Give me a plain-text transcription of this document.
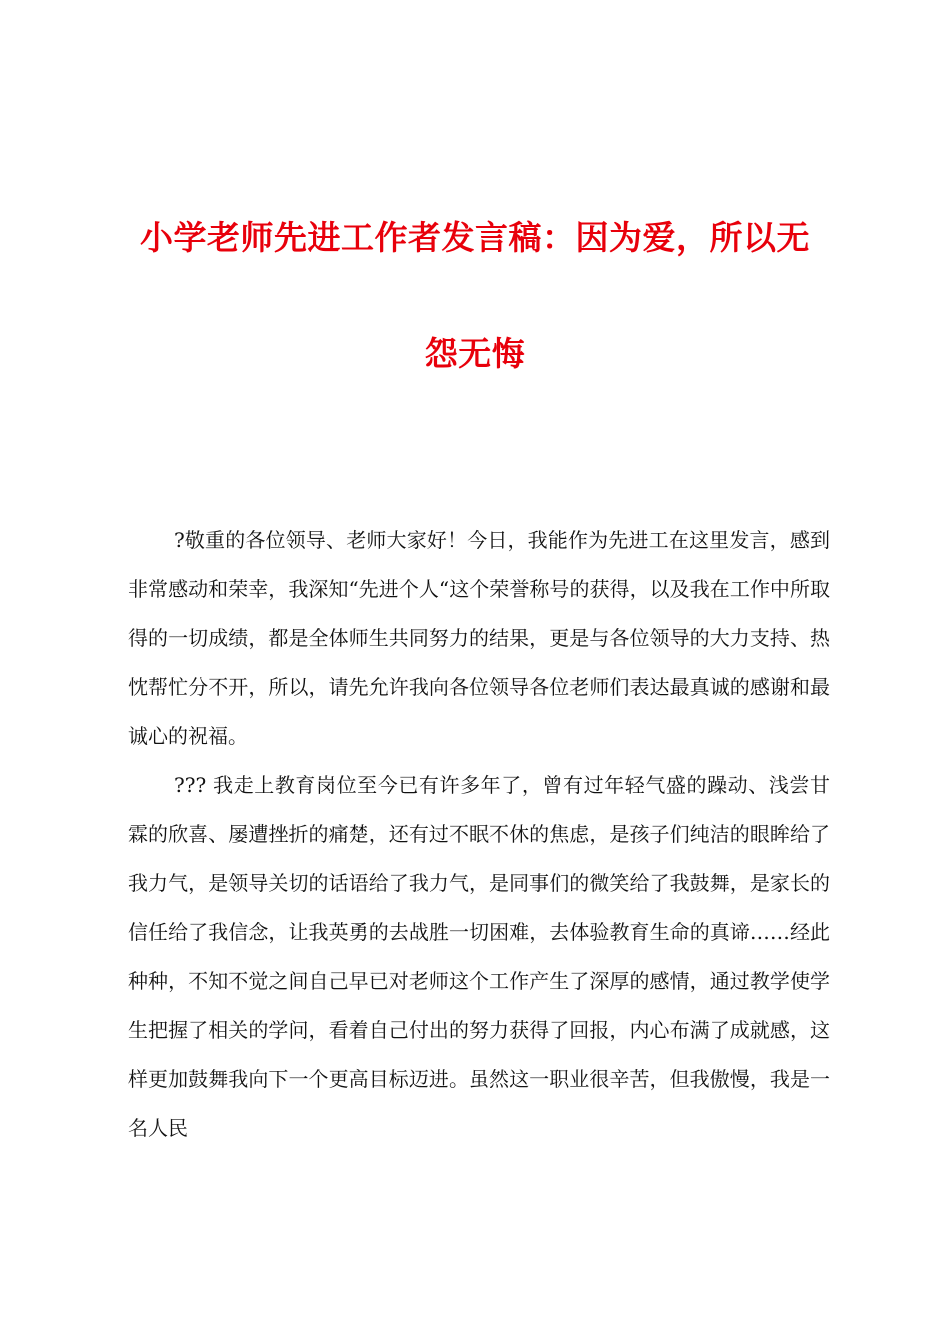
小学老师先进工作者发言稿：因为爱，所以无
怨无悔

?敬重的各位领导、老师大家好！今日，我能作为先进工在这里发言，感到非常感动和荣幸，我深知“先进个人“这个荣誉称号的获得，以及我在工作中所取得的一切成绩，都是全体师生共同努力的结果，更是与各位领导的大力支持、热忱帮忙分不开，所以，请先允许我向各位领导各位老师们表达最真诚的感谢和最诚心的祝福。

??? 我走上教育岗位至今已有许多年了，曾有过年轻气盛的躁动、浅尝甘霖的欣喜、屡遭挫折的痛楚，还有过不眠不休的焦虑，是孩子们纯洁的眼眸给了我力气，是领导关切的话语给了我力气，是同事们的微笑给了我鼓舞，是家长的信任给了我信念，让我英勇的去战胜一切困难，去体验教育生命的真谛……经此种种，不知不觉之间自己早已对老师这个工作产生了深厚的感情，通过教学使学生把握了相关的学问，看着自己付出的努力获得了回报，内心布满了成就感，这样更加鼓舞我向下一个更高目标迈进。虽然这一职业很辛苦，但我傲慢，我是一名人民
